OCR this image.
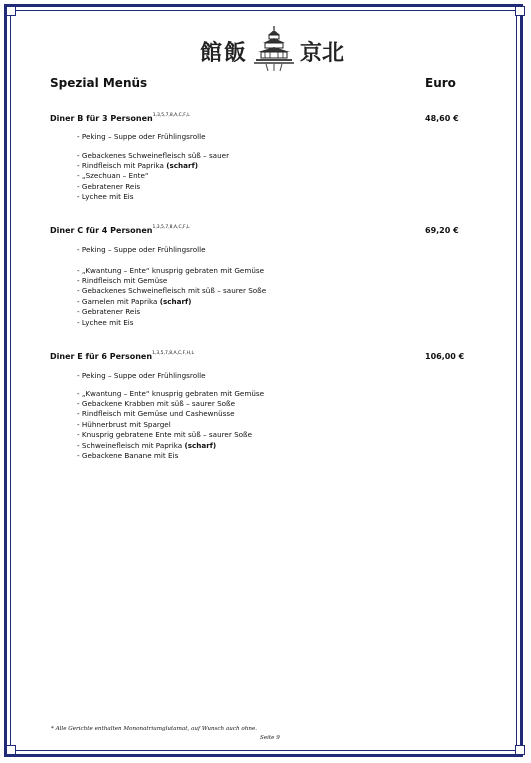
館 飯 京 北
Spezial Menüs	Euro
Diner B für 3 Personen$^{1,3,5,7,8,A,C,F,L}$	48,60 €
- Peking – Suppe oder Frühlingsrolle
- Gebackenes Schweinefleisch süß – sauer
- Rindfleisch mit Paprika (scharf)
- „Szechuan – Ente“
- Gebratener Reis
- Lychee mit Eis
Diner C für 4 Personen$^{1,3,5,7,8,A,C,F,L}$	69,20 €
- Peking – Suppe oder Frühlingsrolle
- „Kwantung – Ente“ knusprig gebraten mit Gemüse
- Rindfleisch mit Gemüse
- Gebackenes Schweinefleisch mit süß – saurer Soße
- Garnelen mit Paprika (scharf)
- Gebratener Reis
- Lychee mit Eis
Diner E für 6 Personen$^{1,3,5,7,8,A,C,F,H,L}$	106,00 €
- Peking – Suppe oder Frühlingsrolle
- „Kwantung – Ente“ knusprig gebraten mit Gemüse
- Gebackene Krabben mit süß – saurer Soße
- Rindfleisch mit Gemüse und Cashewnüsse
- Hühnerbrust mit Spargel
- Knusprig gebratene Ente mit süß – saurer Soße
- Schweinefleisch mit Paprika (scharf)
- Gebackene Banane mit Eis
* Alle Gerichte enthalten Mononatriumglutamat, auf Wunsch auch ohne.
Seite 9
